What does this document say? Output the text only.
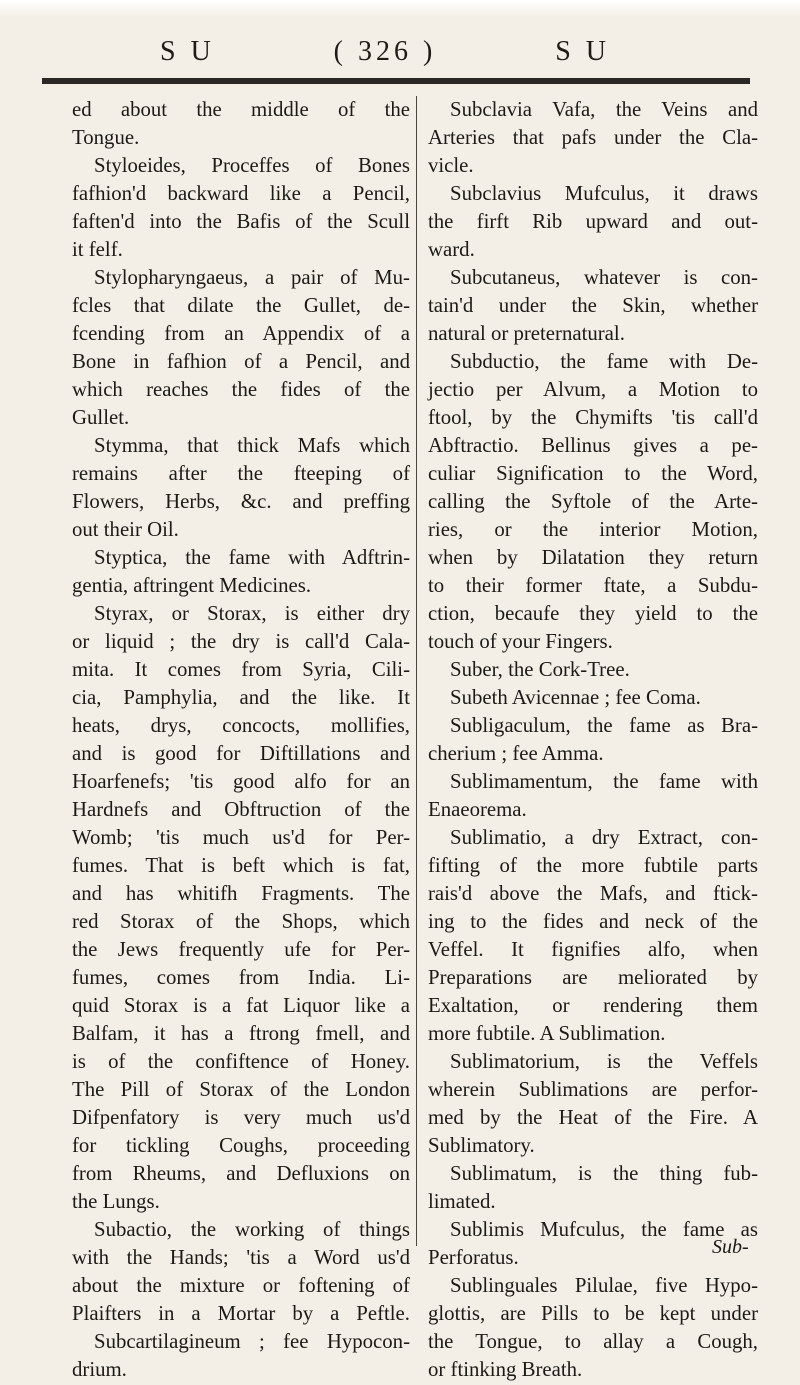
S U	( 326 )	S U
ed about the middle of the
Tongue.
Styloeides, Proceffes of Bones
fafhion'd backward like a Pencil,
faften'd into the Bafis of the Scull
it felf.
Stylopharyngaeus, a pair of Mu-
fcles that dilate the Gullet, de-
fcending from an Appendix of a
Bone in fafhion of a Pencil, and
which reaches the fides of the
Gullet.
Stymma, that thick Mafs which
remains after the fteeping of
Flowers, Herbs, &c. and preffing
out their Oil.
Styptica, the fame with Adftrin-
gentia, aftringent Medicines.
Styrax, or Storax, is either dry
or liquid ; the dry is call'd Cala-
mita. It comes from Syria, Cili-
cia, Pamphylia, and the like. It
heats, drys, concocts, mollifies,
and is good for Diftillations and
Hoarfenefs; 'tis good alfo for an
Hardnefs and Obftruction of the
Womb; 'tis much us'd for Per-
fumes. That is beft which is fat,
and has whitifh Fragments. The
red Storax of the Shops, which
the Jews frequently ufe for Per-
fumes, comes from India. Li-
quid Storax is a fat Liquor like a
Balfam, it has a ftrong fmell, and
is of the confiftence of Honey.
The Pill of Storax of the London
Difpenfatory is very much us'd
for tickling Coughs, proceeding
from Rheums, and Defluxions on
the Lungs.
Subactio, the working of things
with the Hands; 'tis a Word us'd
about the mixture or foftening of
Plaifters in a Mortar by a Peftle.
Subcartilagineum ; fee Hypocon-
drium.
Subclavia Vafa, the Veins and
Arteries that pafs under the Cla-
vicle.
Subclavius Mufculus, it draws
the firft Rib upward and out-
ward.
Subcutaneus, whatever is con-
tain'd under the Skin, whether
natural or preternatural.
Subductio, the fame with De-
jectio per Alvum, a Motion to
ftool, by the Chymifts 'tis call'd
Abftractio. Bellinus gives a pe-
culiar Signification to the Word,
calling the Syftole of the Arte-
ries, or the interior Motion,
when by Dilatation they return
to their former ftate, a Subdu-
ction, becaufe they yield to the
touch of your Fingers.
Suber, the Cork-Tree.
Subeth Avicennae ; fee Coma.
Subligaculum, the fame as Bra-
cherium ; fee Amma.
Sublimamentum, the fame with
Enaeorema.
Sublimatio, a dry Extract, con-
fifting of the more fubtile parts
rais'd above the Mafs, and ftick-
ing to the fides and neck of the
Veffel. It fignifies alfo, when
Preparations are meliorated by
Exaltation, or rendering them
more fubtile. A Sublimation.
Sublimatorium, is the Veffels
wherein Sublimations are perfor-
med by the Heat of the Fire. A
Sublimatory.
Sublimatum, is the thing fub-
limated.
Sublimis Mufculus, the fame as
Perforatus.
Sublinguales Pilulae, five Hypo-
glottis, are Pills to be kept under
the Tongue, to allay a Cough,
or ftinking Breath.
Sub-
